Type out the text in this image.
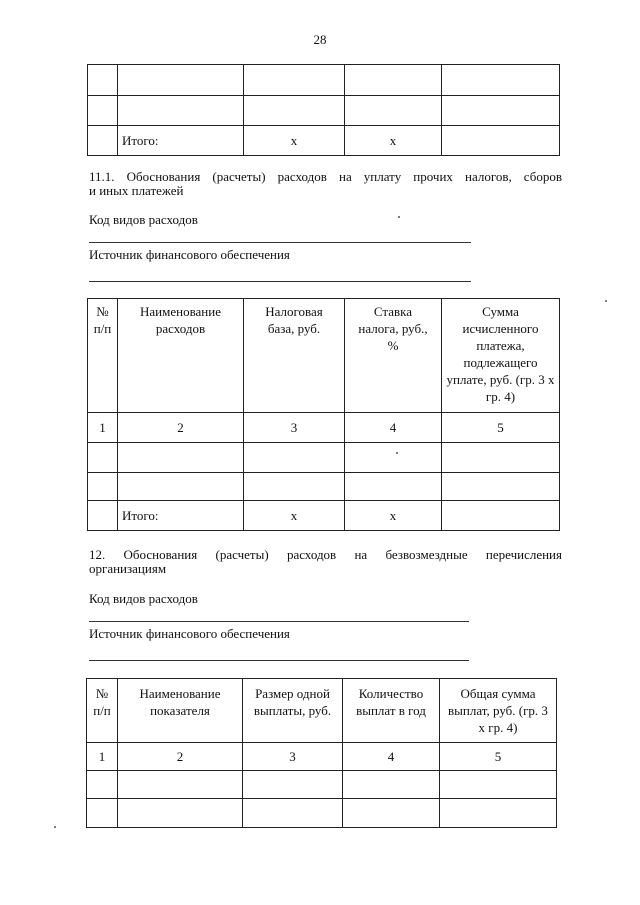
28

	Итого:	x	x	
11.1. Обоснования (расчеты) расходов на уплату прочих налогов, сборов
и иных платежей
Код видов расходов
Источник финансового обеспечения
№ п/п	Наименование расходов	Налоговая база, руб.	Ставка налога, руб., %	Сумма исчисленного платежа, подлежащего уплате, руб. (гр. 3 х гр. 4)
1	2	3	4	5

	Итого:	x	x	
12. Обоснования (расчеты) расходов на безвозмездные перечисления
организациям
Код видов расходов
Источник финансового обеспечения
№ п/п	Наименование показателя	Размер одной выплаты, руб.	Количество выплат в год	Общая сумма выплат, руб. (гр. 3 х гр. 4)
1	2	3	4	5
